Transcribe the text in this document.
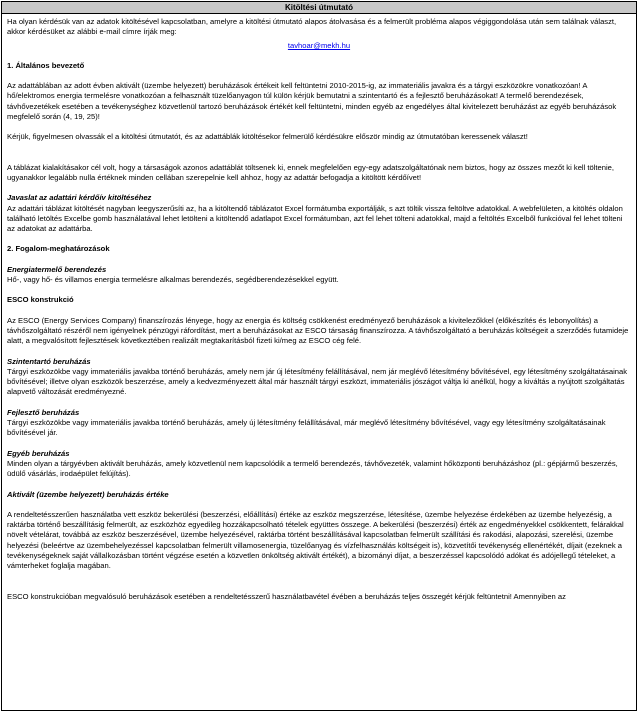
Kitöltési útmutató

Ha olyan kérdésük van az adatok kitöltésével kapcsolatban, amelyre a kitöltési útmutató alapos átolvasása és a felmerült probléma alapos végiggondolása után sem találnak választ, akkor kérdésüket az alábbi e-mail címre írják meg:

tavhoar@mekh.hu

1. Általános bevezető

Az adattáblában az adott évben aktivált (üzembe helyezett) beruházások értékeit kell feltüntetni 2010-2015-ig, az immateriális javakra és a tárgyi eszközökre vonatkozóan! A hő/elektromos energia termelésre vonatkozóan a felhasznált tüzelőanyagon túl külön kérjük bemutatni a szintentartó és a fejlesztő beruházásokat! A termelő berendezések, távhővezetékek esetében a tevékenységhez közvetlenül tartozó beruházások értékét kell feltüntetni, minden egyéb az engedélyes által kivitelezett beruházást az egyéb beruházások megfelelő során (4, 19, 25)!

Kérjük, figyelmesen olvassák el a kitöltési útmutatót, és az adattáblák kitöltésekor felmerülő kérdésükre először mindig az útmutatóban keressenek választ!

A táblázat kialakításakor cél volt, hogy a társaságok azonos adattáblát töltsenek ki, ennek megfelelően egy-egy adatszolgáltatónak nem biztos, hogy az összes mezőt ki kell töltenie, ugyanakkor legalább nulla értéknek minden cellában szerepelnie kell ahhoz, hogy az adattár befogadja a kitöltött kérdőívet!

Javaslat az adattári kérdőív kitöltéséhez

Az adattári táblázat kitöltését nagyban leegyszerűsíti az, ha a kitöltendő táblázatot Excel formátumba exportálják, s azt töltik vissza feltöltve adatokkal. A webfelületen, a kitöltés oldalon található letöltés Excelbe gomb használatával lehet letölteni a kitöltendő adatlapot Excel formátumban, azt fel lehet tölteni adatokkal, majd a feltöltés Excelből funkcióval fel lehet tölteni az adatokat az adattárba.

2. Fogalom-meghatározások

Energiatermelő berendezés

Hő-, vagy hő- és villamos energia termelésre alkalmas berendezés, segédberendezésekkel együtt.

ESCO konstrukció

Az ESCO (Energy Services Company) finanszírozás lényege, hogy az energia és költség csökkenést eredményező beruházások a kivitelezőkkel (előkészítés és lebonyolítás) a távhőszolgáltató részéről nem igényelnek pénzügyi ráfordítást, mert a beruházásokat az ESCO társaság finanszírozza. A távhőszolgáltató a beruházás költségeit a szerződés futamideje alatt, a megvalósított fejlesztések következtében realizált megtakarításból fizeti ki/meg az ESCO cég felé.

Szintentartó beruházás

Tárgyi eszközökbe vagy immateriális javakba történő beruházás, amely nem jár új létesítmény felállításával, nem jár meglévő létesítmény bővítésével, egy létesítmény szolgáltatásainak bővítésével; illetve olyan eszközök beszerzése, amely a kedvezményezett által már használt tárgyi eszközt, immateriális jószágot váltja ki anélkül, hogy a kiváltás a nyújtott szolgáltatás alapvető változását eredményezné.

Fejlesztő beruházás

Tárgyi eszközökbe vagy immateriális javakba történő beruházás, amely új létesítmény felállításával, már meglévő létesítmény bővítésével, vagy egy létesítmény szolgáltatásainak bővítésével jár.

Egyéb beruházás

Minden olyan a tárgyévben aktivált beruházás, amely közvetlenül nem kapcsolódik a termelő berendezés, távhővezeték, valamint hőközponti beruházáshoz (pl.: gépjármű beszerzés, üdülő vásárlás, irodaépület felújítás).

Aktivált (üzembe helyezett) beruházás értéke

A rendeltetésszerűen használatba vett eszköz bekerülési (beszerzési, előállítási) értéke az eszköz megszerzése, létesítése, üzembe helyezése érdekében az üzembe helyezésig, a raktárba történő beszállításig felmerült, az eszközhöz egyedileg hozzákapcsolható tételek együttes összege. A bekerülési (beszerzési) érték az engedményekkel csökkentett, felárakkal növelt vételárat, továbbá az eszköz beszerzésével, üzembe helyezésével, raktárba történt beszállításával kapcsolatban felmerült szállítási és rakodási, alapozási, szerelési, üzembe helyezési (beleértve az üzembehelyezéssel kapcsolatban felmerült villamosenergia, tüzelőanyag és vízfelhasználás költségeit is), közvetítői tevékenység ellenértékét, díjait (ezeknek a tevékenységeknek saját vállalkozásban történt végzése esetén a közvetlen önköltség aktivált értékét), a bizományi díjat, a beszerzéssel kapcsolódó adókat és adójellegű tételeket, a vámterheket foglalja magában.

ESCO konstrukcióban megvalósuló beruházások esetében a rendeltetésszerű használatbavétel évében a beruházás teljes összegét kérjük feltüntetni! Amennyiben az
